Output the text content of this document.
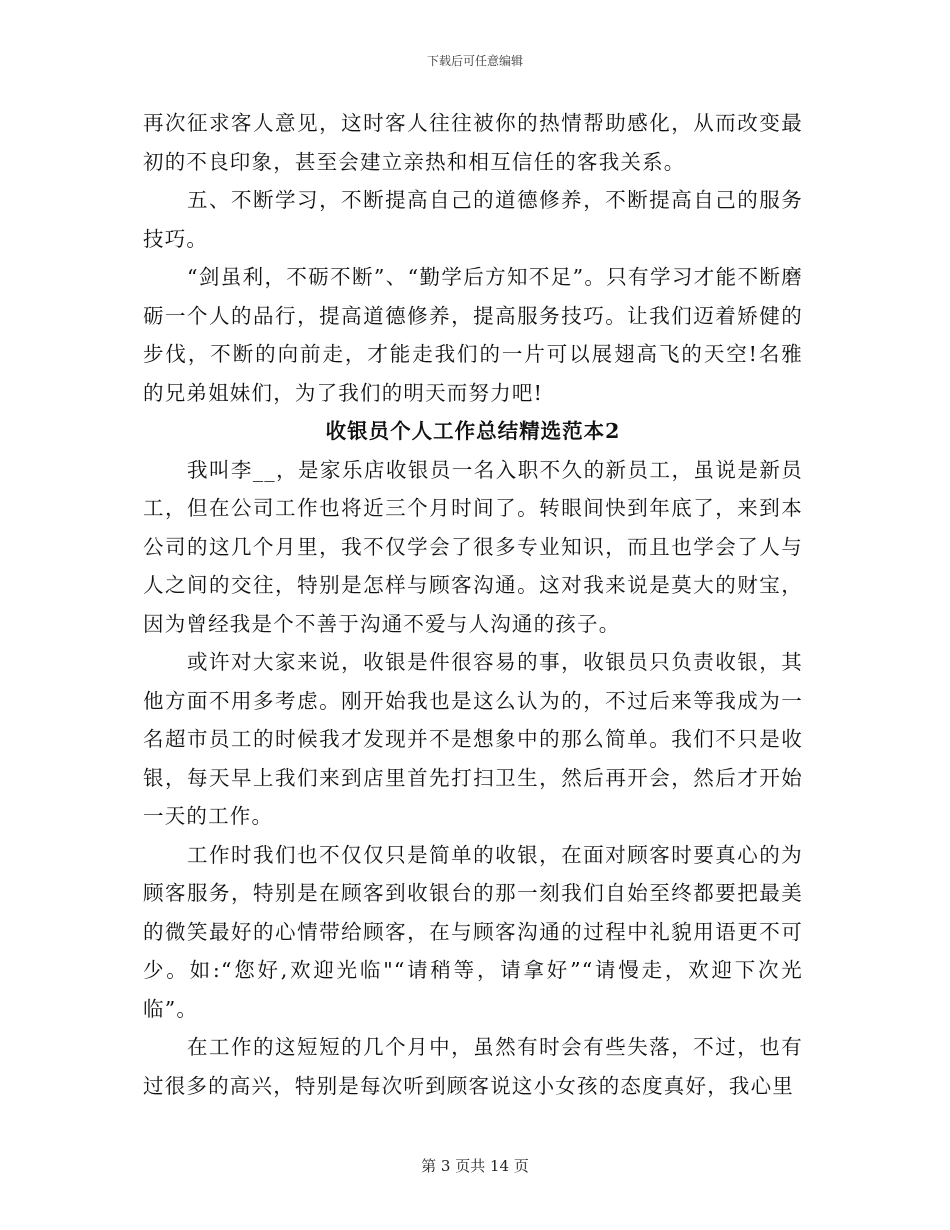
下载后可任意编辑

再次征求客人意见，这时客人往往被你的热情帮助感化，从而改变最初的不良印象，甚至会建立亲热和相互信任的客我关系。

五、不断学习，不断提高自己的道德修养，不断提高自己的服务技巧。

“剑虽利，不砺不断”、“勤学后方知不足”。只有学习才能不断磨砺一个人的品行，提高道德修养，提高服务技巧。让我们迈着矫健的步伐，不断的向前走，才能走我们的一片可以展翅高飞的天空!名雅的兄弟姐妹们，为了我们的明天而努力吧!

收银员个人工作总结精选范本2

我叫李__，是家乐店收银员一名入职不久的新员工，虽说是新员工，但在公司工作也将近三个月时间了。转眼间快到年底了，来到本公司的这几个月里，我不仅学会了很多专业知识，而且也学会了人与人之间的交往，特别是怎样与顾客沟通。这对我来说是莫大的财宝，因为曾经我是个不善于沟通不爱与人沟通的孩子。

或许对大家来说，收银是件很容易的事，收银员只负责收银，其他方面不用多考虑。刚开始我也是这么认为的，不过后来等我成为一名超市员工的时候我才发现并不是想象中的那么简单。我们不只是收银，每天早上我们来到店里首先打扫卫生，然后再开会，然后才开始一天的工作。

工作时我们也不仅仅只是简单的收银，在面对顾客时要真心的为顾客服务，特别是在顾客到收银台的那一刻我们自始至终都要把最美的微笑最好的心情带给顾客，在与顾客沟通的过程中礼貌用语更不可少。如:“您好,欢迎光临"“请稍等，请拿好”“请慢走，欢迎下次光临”。

在工作的这短短的几个月中，虽然有时会有些失落，不过，也有过很多的高兴，特别是每次听到顾客说这小女孩的态度真好，我心里

第 3 页共 14 页
